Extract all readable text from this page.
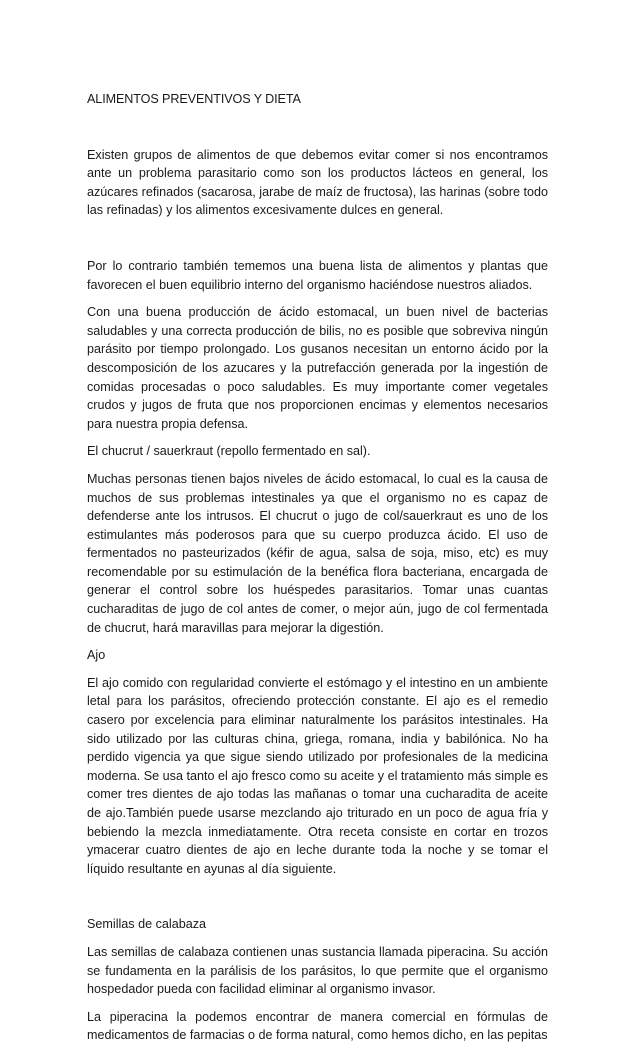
ALIMENTOS PREVENTIVOS Y DIETA

Existen grupos de alimentos de que debemos evitar comer si nos encontramos ante un problema parasitario como son los productos lácteos en general, los azúcares refinados (sacarosa, jarabe de maíz de fructosa), las harinas (sobre todo las refinadas) y los alimentos excesivamente dulces en general.

Por lo contrario también tememos una buena lista de alimentos y plantas que favorecen el buen equilibrio interno del organismo haciéndose nuestros aliados.

Con una buena producción de ácido estomacal, un buen nivel de bacterias saludables y una correcta producción de bilis, no es posible que sobreviva ningún parásito por tiempo prolongado. Los gusanos necesitan un entorno ácido por la descomposición de los azucares y la putrefacción generada por la ingestión de comidas procesadas o poco saludables. Es muy importante comer vegetales crudos y jugos de fruta que nos proporcionen encimas y elementos necesarios para nuestra propia defensa.

El chucrut / sauerkraut (repollo fermentado en sal).

Muchas personas tienen bajos niveles de ácido estomacal, lo cual es la causa de muchos de sus problemas intestinales ya que el organismo no es capaz de defenderse ante los intrusos. El chucrut o jugo de col/sauerkraut es uno de los estimulantes más poderosos para que su cuerpo produzca ácido. El uso de fermentados no pasteurizados (kéfir de agua, salsa de soja, miso, etc) es muy recomendable por su estimulación de la benéfica flora bacteriana, encargada de generar el control sobre los huéspedes parasitarios. Tomar unas cuantas cucharaditas de jugo de col antes de comer, o mejor aún, jugo de col fermentada de chucrut, hará maravillas para mejorar la digestión.

Ajo

El ajo comido con regularidad convierte el estómago y el intestino en un ambiente letal para los parásitos, ofreciendo protección constante. El ajo es el remedio casero por excelencia para eliminar naturalmente los parásitos intestinales. Ha sido utilizado por las culturas china, griega, romana, india y babilónica. No ha perdido vigencia ya que sigue siendo utilizado por profesionales de la medicina moderna. Se usa tanto el ajo fresco como su aceite y el tratamiento más simple es comer tres dientes de ajo todas las mañanas o tomar una cucharadita de aceite de ajo.También puede usarse mezclando ajo triturado en un poco de agua fría y bebiendo la mezcla inmediatamente. Otra receta consiste en cortar en trozos ymacerar cuatro dientes de ajo en leche durante toda la noche y se tomar el líquido resultante en ayunas al día siguiente.

Semillas de calabaza

Las semillas de calabaza contienen unas sustancia llamada piperacina. Su acción se fundamenta en la parálisis de los parásitos, lo que permite que el organismo hospedador pueda con facilidad eliminar al organismo invasor.

La piperacina la podemos encontrar de manera comercial en fórmulas de medicamentos de farmacias o de forma natural, como hemos dicho, en las pepitas
